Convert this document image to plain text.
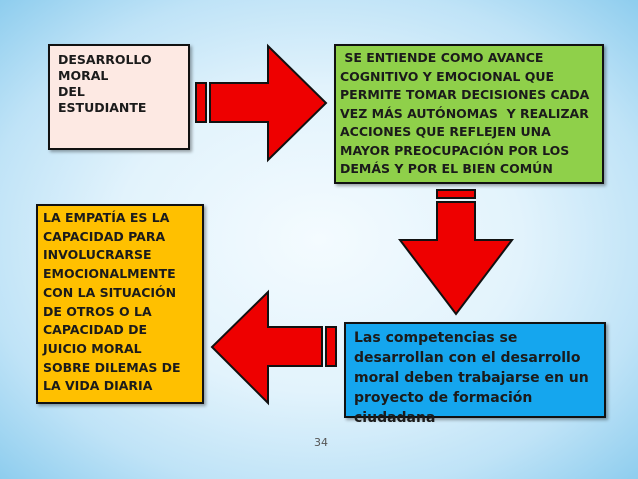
DESARROLLO
MORAL
DEL
ESTUDIANTE
SE ENTIENDE COMO AVANCE
COGNITIVO Y EMOCIONAL QUE
PERMITE TOMAR DECISIONES CADA
VEZ MÁS AUTÓNOMAS  Y REALIZAR
ACCIONES QUE REFLEJEN UNA
MAYOR PREOCUPACIÓN POR LOS
DEMÁS Y POR EL BIEN COMÚN
LA EMPATÍA ES LA
CAPACIDAD PARA
INVOLUCRARSE
EMOCIONALMENTE
CON LA SITUACIÓN
DE OTROS O LA
CAPACIDAD DE
JUICIO MORAL
SOBRE DILEMAS DE
LA VIDA DIARIA
Las competencias se
desarrollan con el desarrollo
moral deben trabajarse en un
proyecto de formación
ciudadana
34
